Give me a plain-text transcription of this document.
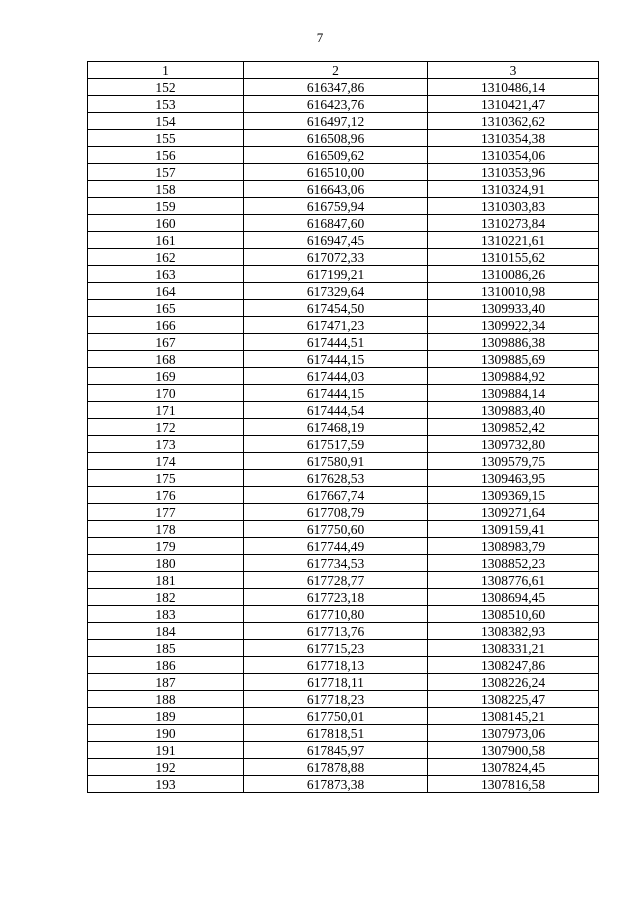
7
1	2	3
152	616347,86	1310486,14
153	616423,76	1310421,47
154	616497,12	1310362,62
155	616508,96	1310354,38
156	616509,62	1310354,06
157	616510,00	1310353,96
158	616643,06	1310324,91
159	616759,94	1310303,83
160	616847,60	1310273,84
161	616947,45	1310221,61
162	617072,33	1310155,62
163	617199,21	1310086,26
164	617329,64	1310010,98
165	617454,50	1309933,40
166	617471,23	1309922,34
167	617444,51	1309886,38
168	617444,15	1309885,69
169	617444,03	1309884,92
170	617444,15	1309884,14
171	617444,54	1309883,40
172	617468,19	1309852,42
173	617517,59	1309732,80
174	617580,91	1309579,75
175	617628,53	1309463,95
176	617667,74	1309369,15
177	617708,79	1309271,64
178	617750,60	1309159,41
179	617744,49	1308983,79
180	617734,53	1308852,23
181	617728,77	1308776,61
182	617723,18	1308694,45
183	617710,80	1308510,60
184	617713,76	1308382,93
185	617715,23	1308331,21
186	617718,13	1308247,86
187	617718,11	1308226,24
188	617718,23	1308225,47
189	617750,01	1308145,21
190	617818,51	1307973,06
191	617845,97	1307900,58
192	617878,88	1307824,45
193	617873,38	1307816,58
